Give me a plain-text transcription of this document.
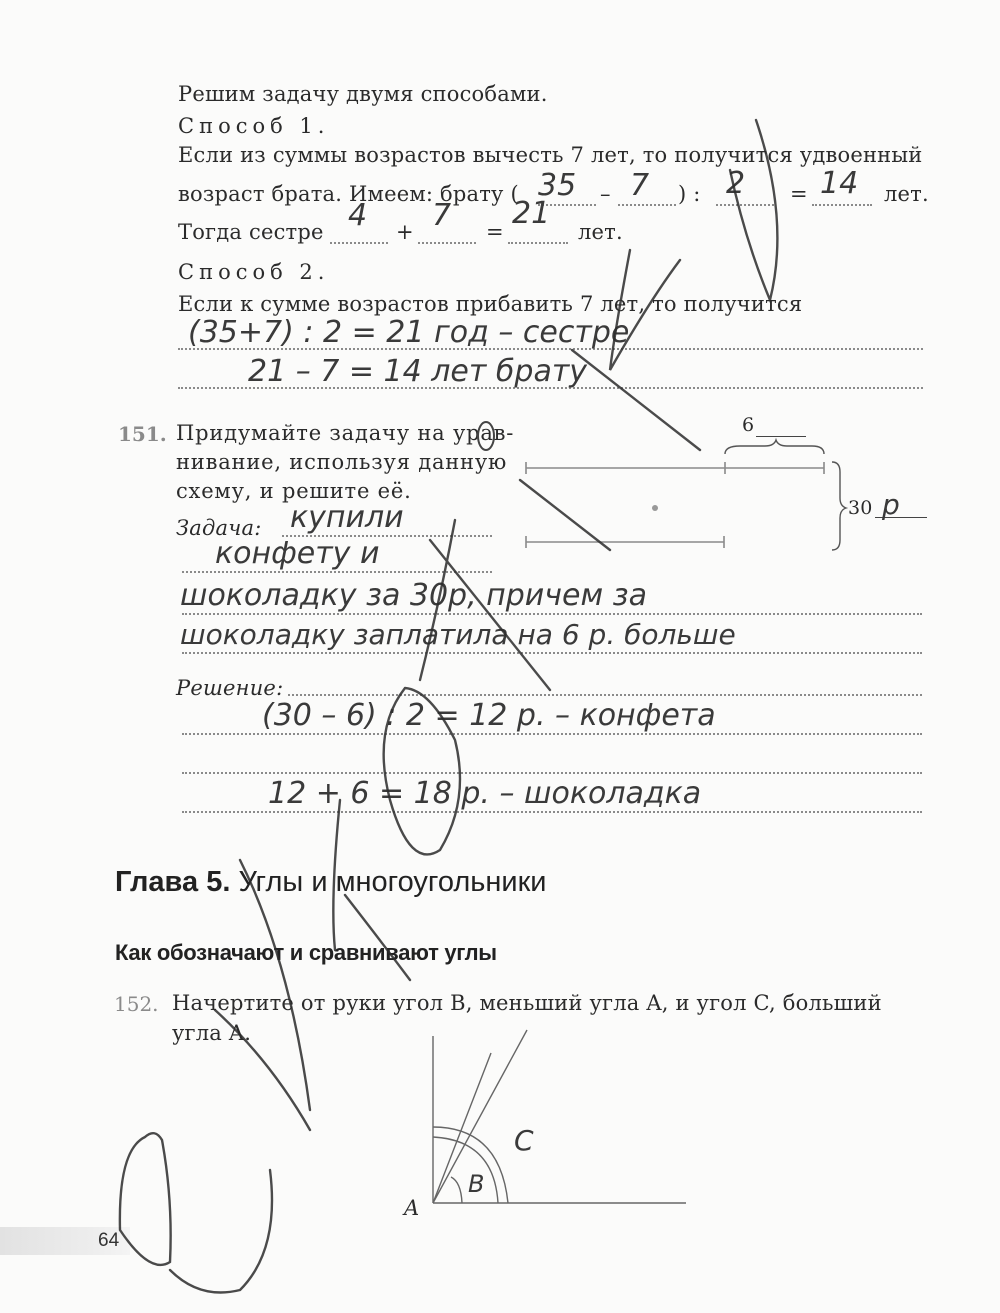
Решим задачу двумя способами.
Способ 1.
Если из суммы возрастов вычесть 7 лет, то получится удвоенный
возраст брата. Имеем: брату ( 35 – 7 ) : 2 = 14 лет.
Тогда сестре 4 + 7 =
21
лет.
Способ 2.
Если к сумме возрастов прибавить 7 лет, то получится
(35+7) : 2 = 21 год – сестре
21 – 7 = 14 лет брату
151. Придумайте задачу на урав-
нивание, используя данную
схему, и решите её.
6
30 р
Задача: купили
конфету и
шоколадку за 30р, причем за
шоколадку заплатила на 6 р. больше
Решение:
(30 – 6) : 2 = 12 р. – конфета
12 + 6 = 18 р. – шоколадка
Глава 5. Углы и многоугольники
Как обозначают и сравнивают углы
152. Начертите от руки угол B, меньший угла A, и угол C, больший
угла A.
A
B
C
64
